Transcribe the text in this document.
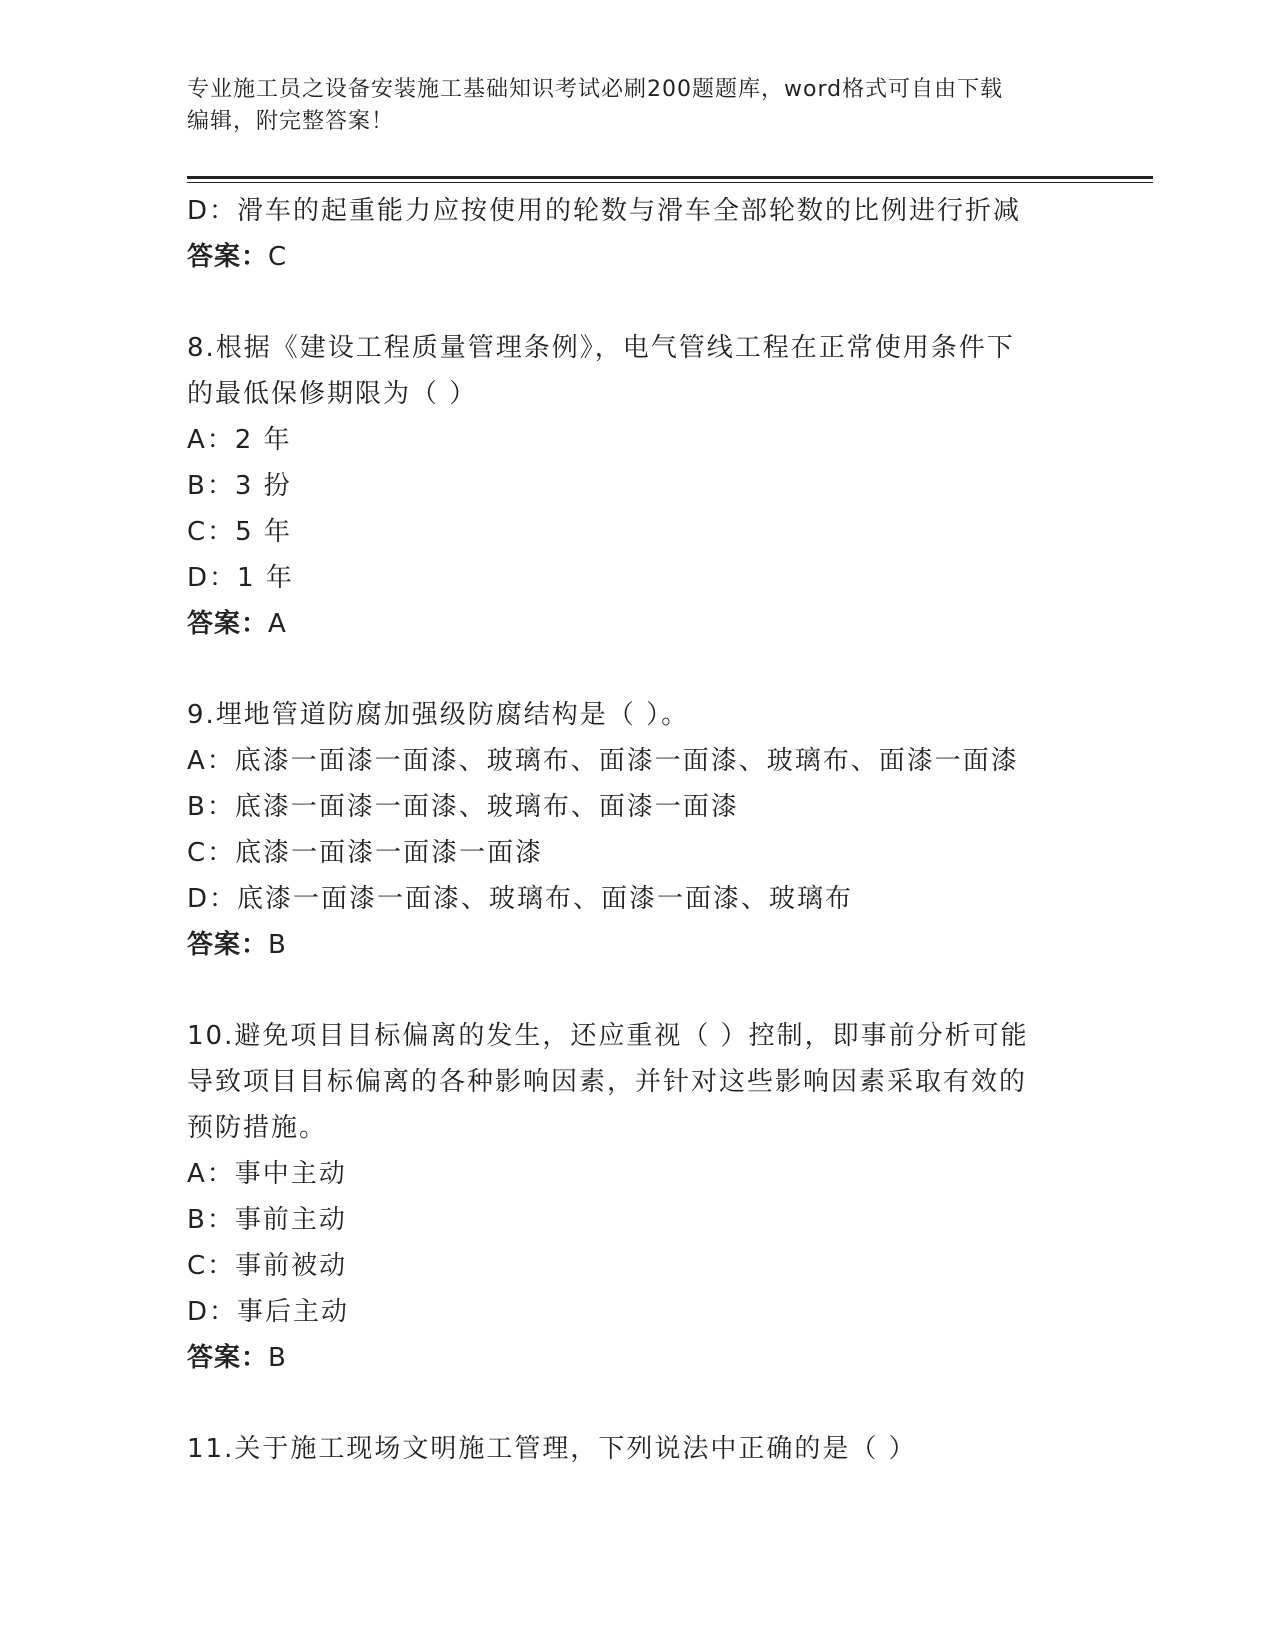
专业施工员之设备安装施工基础知识考试必刷200题题库，word格式可自由下载
编辑，附完整答案！
D：滑车的起重能力应按使用的轮数与滑车全部轮数的比例进行折减
答案：C
8.根据《建设工程质量管理条例》，电气管线工程在正常使用条件下
的最低保修期限为（ ）
A：2 年
B：3 扮
C：5 年
D：1 年
答案：A
9.埋地管道防腐加强级防腐结构是（ ）。
A：底漆一面漆一面漆、玻璃布、面漆一面漆、玻璃布、面漆一面漆
B：底漆一面漆一面漆、玻璃布、面漆一面漆
C：底漆一面漆一面漆一面漆
D：底漆一面漆一面漆、玻璃布、面漆一面漆、玻璃布
答案：B
10.避免项目目标偏离的发生，还应重视（ ）控制，即事前分析可能
导致项目目标偏离的各种影响因素，并针对这些影响因素采取有效的
预防措施。
A：事中主动
B：事前主动
C：事前被动
D：事后主动
答案：B
11.关于施工现场文明施工管理，下列说法中正确的是（ ）
